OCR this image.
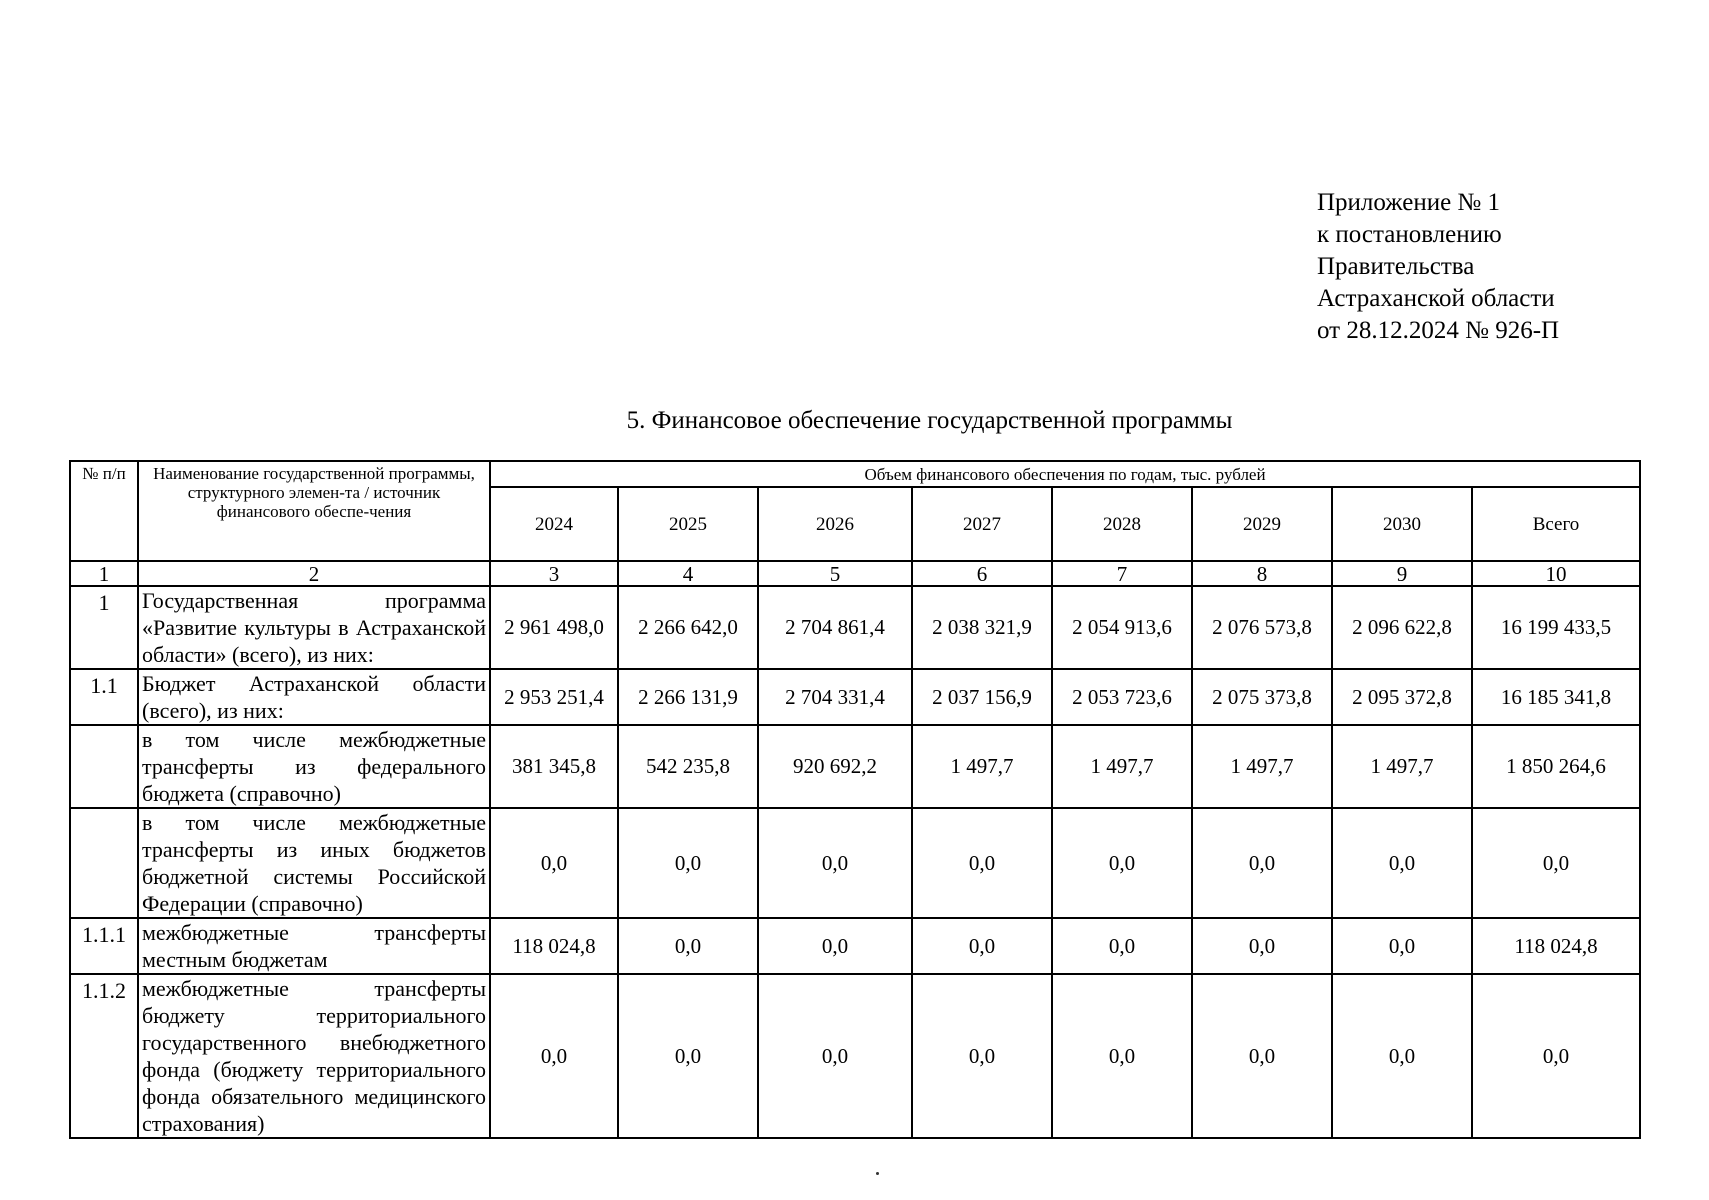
Приложение № 1
к постановлению
Правительства
Астраханской области
от 28.12.2024 № 926-П
5. Финансовое обеспечение государственной программы
№ п/п	Наименование государственной программы, структурного элемен-та / источник финансового обеспе-чения	Объем финансового обеспечения по годам, тыс. рублей							
		2024	2025	2026	2027	2028	2029	2030	Всего
1	2	3	4	5	6	7	8	9	10
1	Государственная программа «Развитие культуры в Астраханской области» (всего), из них:	2 961 498,0	2 266 642,0	2 704 861,4	2 038 321,9	2 054 913,6	2 076 573,8	2 096 622,8	16 199 433,5
1.1	Бюджет Астраханской области (всего), из них:	2 953 251,4	2 266 131,9	2 704 331,4	2 037 156,9	2 053 723,6	2 075 373,8	2 095 372,8	16 185 341,8
	в том числе межбюджетные трансферты из федерального бюджета (справочно)	381 345,8	542 235,8	920 692,2	1 497,7	1 497,7	1 497,7	1 497,7	1 850 264,6
	в том числе межбюджетные трансферты из иных бюджетов бюджетной системы Российской Федерации (справочно)	0,0	0,0	0,0	0,0	0,0	0,0	0,0	0,0
1.1.1	межбюджетные трансферты местным бюджетам	118 024,8	0,0	0,0	0,0	0,0	0,0	0,0	118 024,8
1.1.2	межбюджетные трансферты бюджету территориального государственного внебюджетного фонда (бюджету территориального фонда обязательного медицинского страхования)	0,0	0,0	0,0	0,0	0,0	0,0	0,0	0,0
